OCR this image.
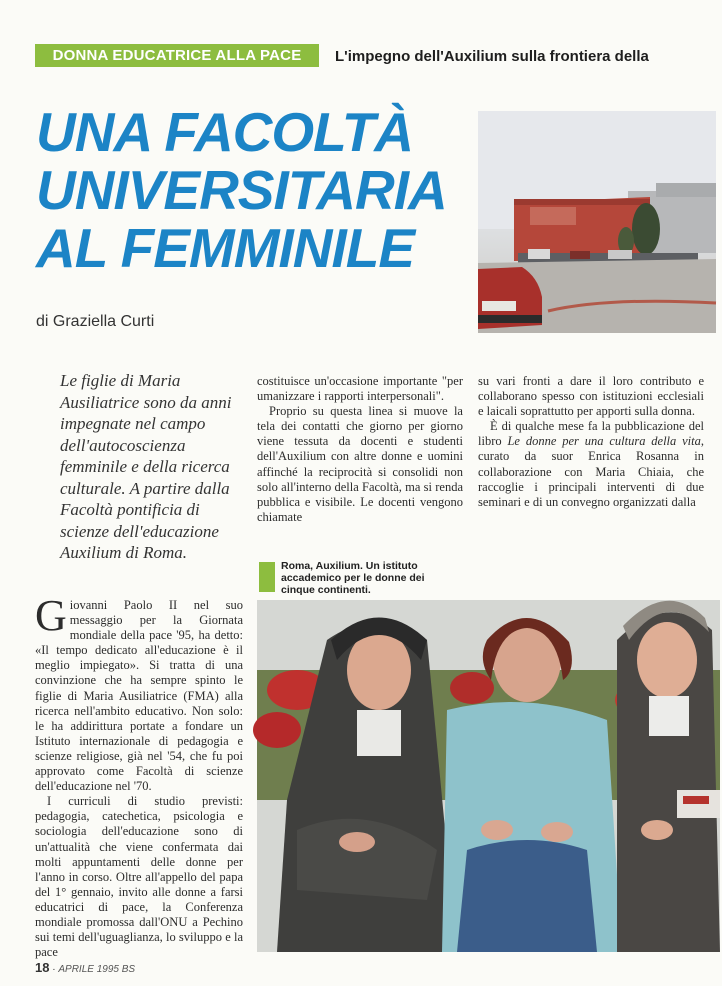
DONNA EDUCATRICE ALLA PACE	L'impegno dell'Auxilium sulla frontiera della
UNA FACOLTÀ
UNIVERSITARIA
AL FEMMINILE
di Graziella Curti
Le figlie di Maria Ausiliatrice sono da anni impegnate nel campo dell'autocoscienza femminile e della ricerca culturale. A partire dalla Facoltà pontificia di scienze dell'educazione Auxilium di Roma.

costituisce un'occasione importante "per umanizzare i rapporti interpersonali".

Proprio su questa linea si muove la tela dei contatti che giorno per giorno viene tessuta da docenti e studenti dell'Auxilium con altre donne e uomini affinché la reciprocità si consolidi non solo all'interno della Facoltà, ma si renda pubblica e visibile. Le docenti vengono chiamate

su vari fronti a dare il loro contributo e collaborano spesso con istituzioni ecclesiali e laicali soprattutto per apporti sulla donna.

È di qualche mese fa la pubblicazione del libro Le donne per una cultura della vita, curato da suor Enrica Rosanna in collaborazione con Maria Chiaia, che raccoglie i principali interventi di due seminari e di un convegno organizzati dalla

Roma, Auxilium. Un istituto accademico per le donne dei cinque continenti.

Giovanni Paolo II nel suo messaggio per la Giornata mondiale della pace '95, ha detto: «Il tempo dedicato all'educazione è il meglio impiegato». Si tratta di una convinzione che ha sempre spinto le figlie di Maria Ausiliatrice (FMA) alla ricerca nell'ambito educativo. Non solo: le ha addirittura portate a fondare un Istituto internazionale di pedagogia e scienze religiose, già nel '54, che fu poi approvato come Facoltà di scienze dell'educazione nel '70.

I curriculi di studio previsti: pedagogia, catechetica, psicologia e sociologia dell'educazione sono di un'attualità che viene confermata dai molti appuntamenti delle donne per l'anno in corso. Oltre all'appello del papa del 1° gennaio, invito alle donne a farsi educatrici di pace, la Conferenza mondiale promossa dall'ONU a Pechino sui temi dell'uguaglianza, lo sviluppo e la pace

18 · APRILE 1995 BS
